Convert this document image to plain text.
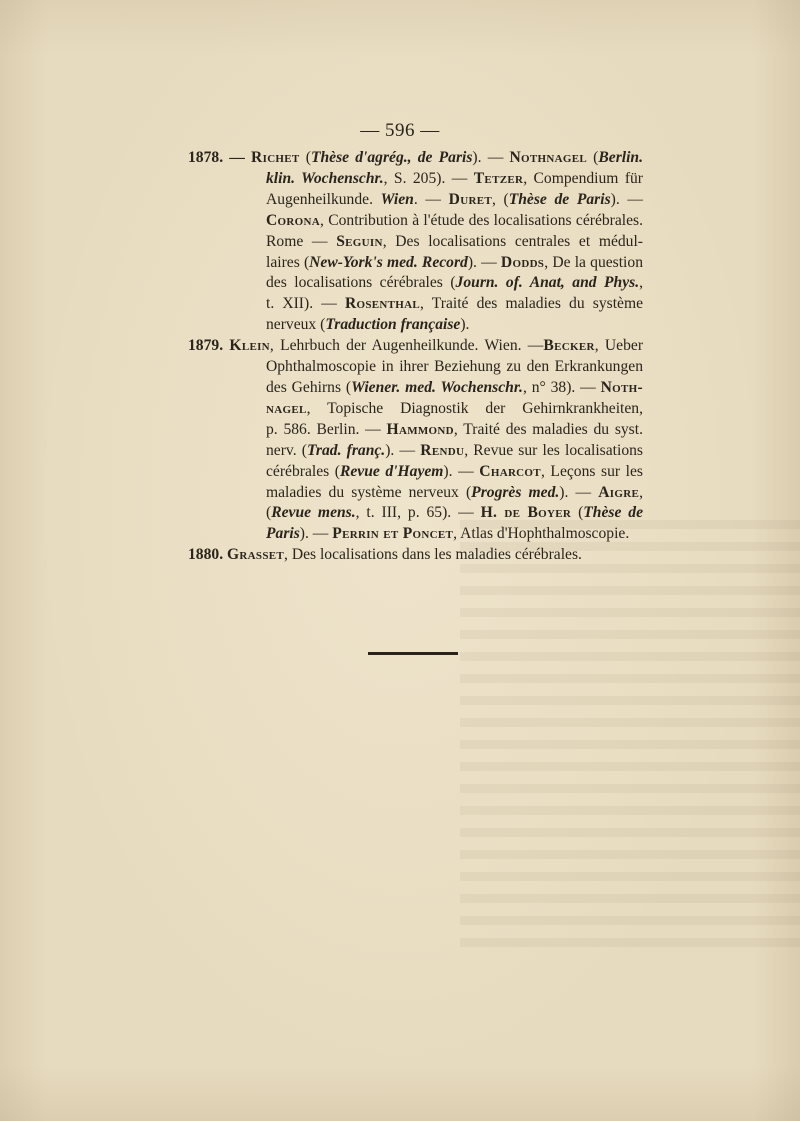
— 596 —
1878. — Richet (Thèse d'agrég., de Paris). — Nothnagel (Berlin.
klin. Wochenschr., S. 205). — Tetzer, Compendium für
Augenheilkunde. Wien. — Duret, (Thèse de Paris). —
Corona, Contribution à l'étude des localisations cérébrales.
Rome — Seguin, Des localisations centrales et médul-
laires (New-York's med. Record). — Dodds, De la question
des localisations cérébrales (Journ. of. Anat, and Phys.,
t. XII). — Rosenthal, Traité des maladies du système
nerveux (Traduction française).
1879. Klein, Lehrbuch der Augenheilkunde. Wien. —Becker, Ueber
Ophthalmoscopie in ihrer Beziehung zu den Erkrankungen
des Gehirns (Wiener. med. Wochenschr., n° 38). — Noth-
nagel, Topische Diagnostik der Gehirnkrankheiten,
p. 586. Berlin. — Hammond, Traité des maladies du syst.
nerv. (Trad. franç.). — Rendu, Revue sur les localisations
cérébrales (Revue d'Hayem). — Charcot, Leçons sur les
maladies du système nerveux (Progrès med.). — Aigre,
(Revue mens., t. III, p. 65). — H. de Boyer (Thèse de
Paris). — Perrin et Poncet, Atlas d'Hophthalmoscopie.
1880. Grasset, Des localisations dans les maladies cérébrales.
